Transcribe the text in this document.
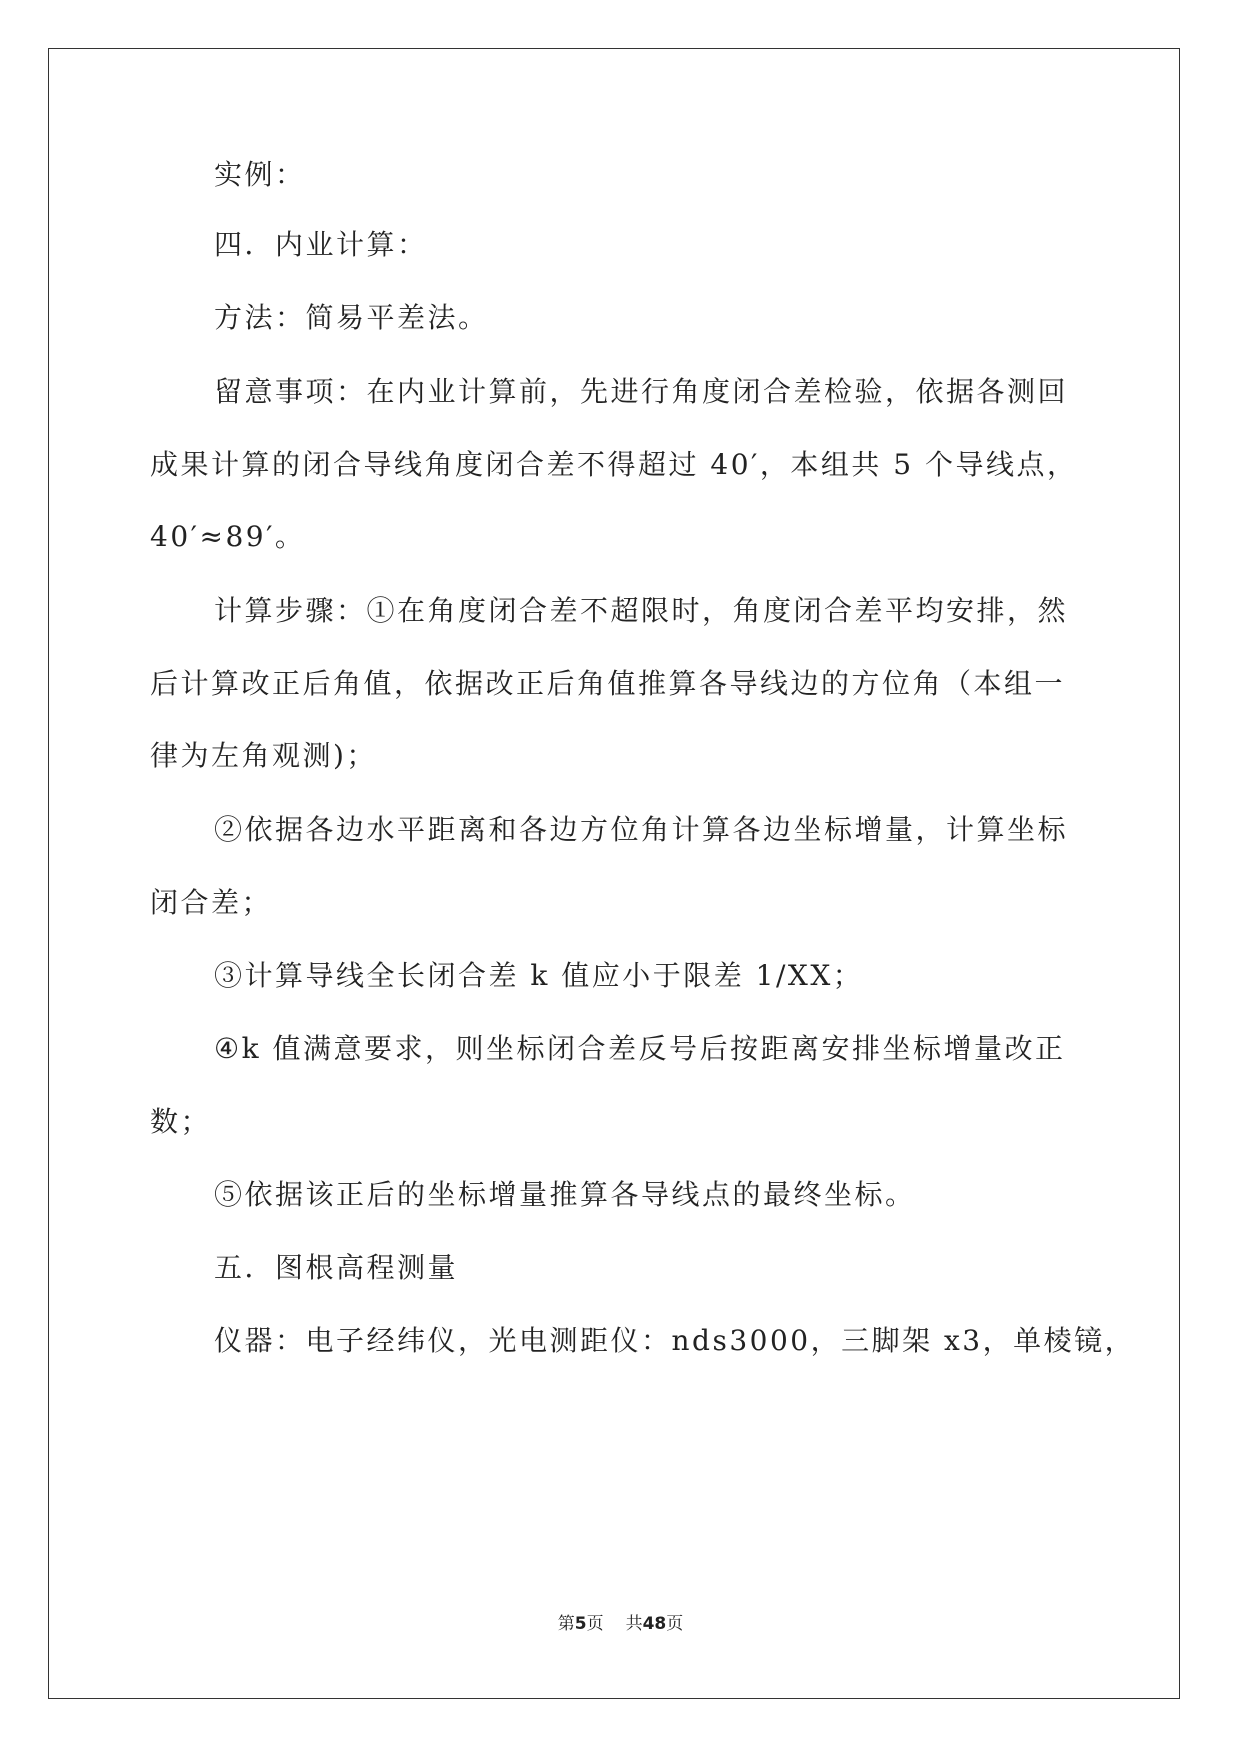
实例：
四．内业计算：
方法：简易平差法。
留意事项：在内业计算前，先进行角度闭合差检验，依据各测回
成果计算的闭合导线角度闭合差不得超过 40′，本组共 5 个导线点，
40′≈89′。
计算步骤：①在角度闭合差不超限时，角度闭合差平均安排，然
后计算改正后角值，依据改正后角值推算各导线边的方位角（本组一
律为左角观测)；
②依据各边水平距离和各边方位角计算各边坐标增量，计算坐标
闭合差；
③计算导线全长闭合差 k 值应小于限差 1/XX；
④k 值满意要求，则坐标闭合差反号后按距离安排坐标增量改正
数；
⑤依据该正后的坐标增量推算各导线点的最终坐标。
五．图根高程测量
仪器：电子经纬仪，光电测距仪：nds3000，三脚架 x3，单棱镜，
第5页 共48页
